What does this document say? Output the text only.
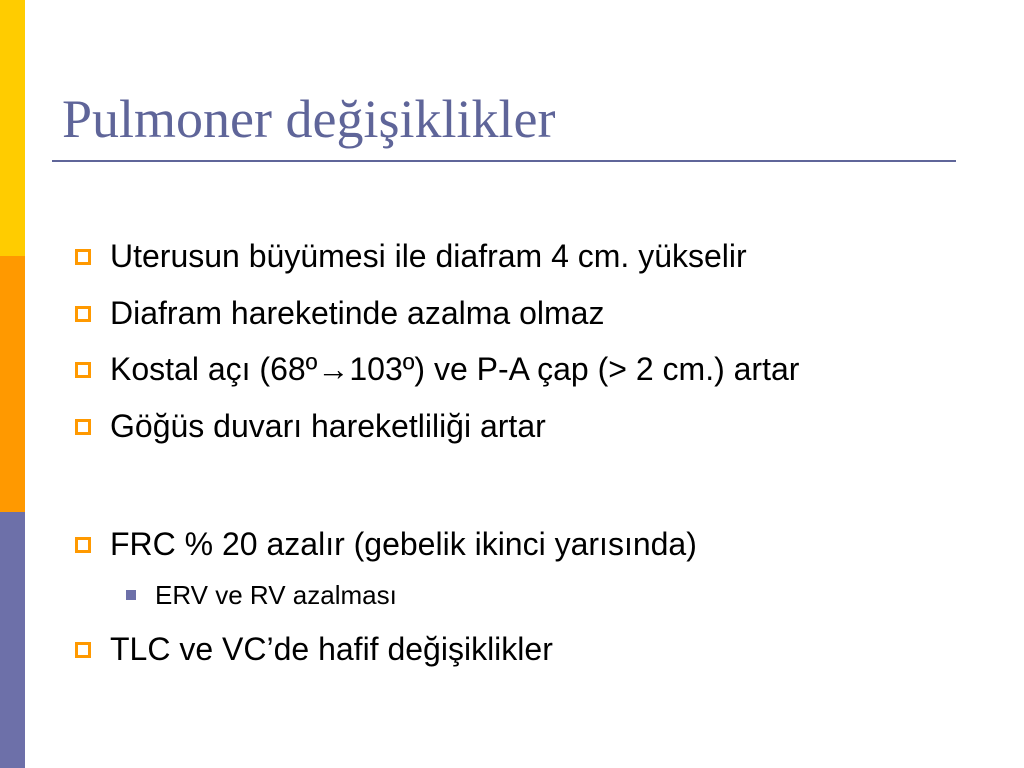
Pulmoner değişiklikler
Uterusun büyümesi ile diafram 4 cm. yükselir
Diafram hareketinde azalma olmaz
Kostal açı (68º→103º) ve P-A çap (> 2 cm.) artar
Göğüs duvarı hareketliliği artar
FRC % 20 azalır (gebelik ikinci yarısında)
ERV ve RV azalması
TLC ve VC’de hafif değişiklikler
